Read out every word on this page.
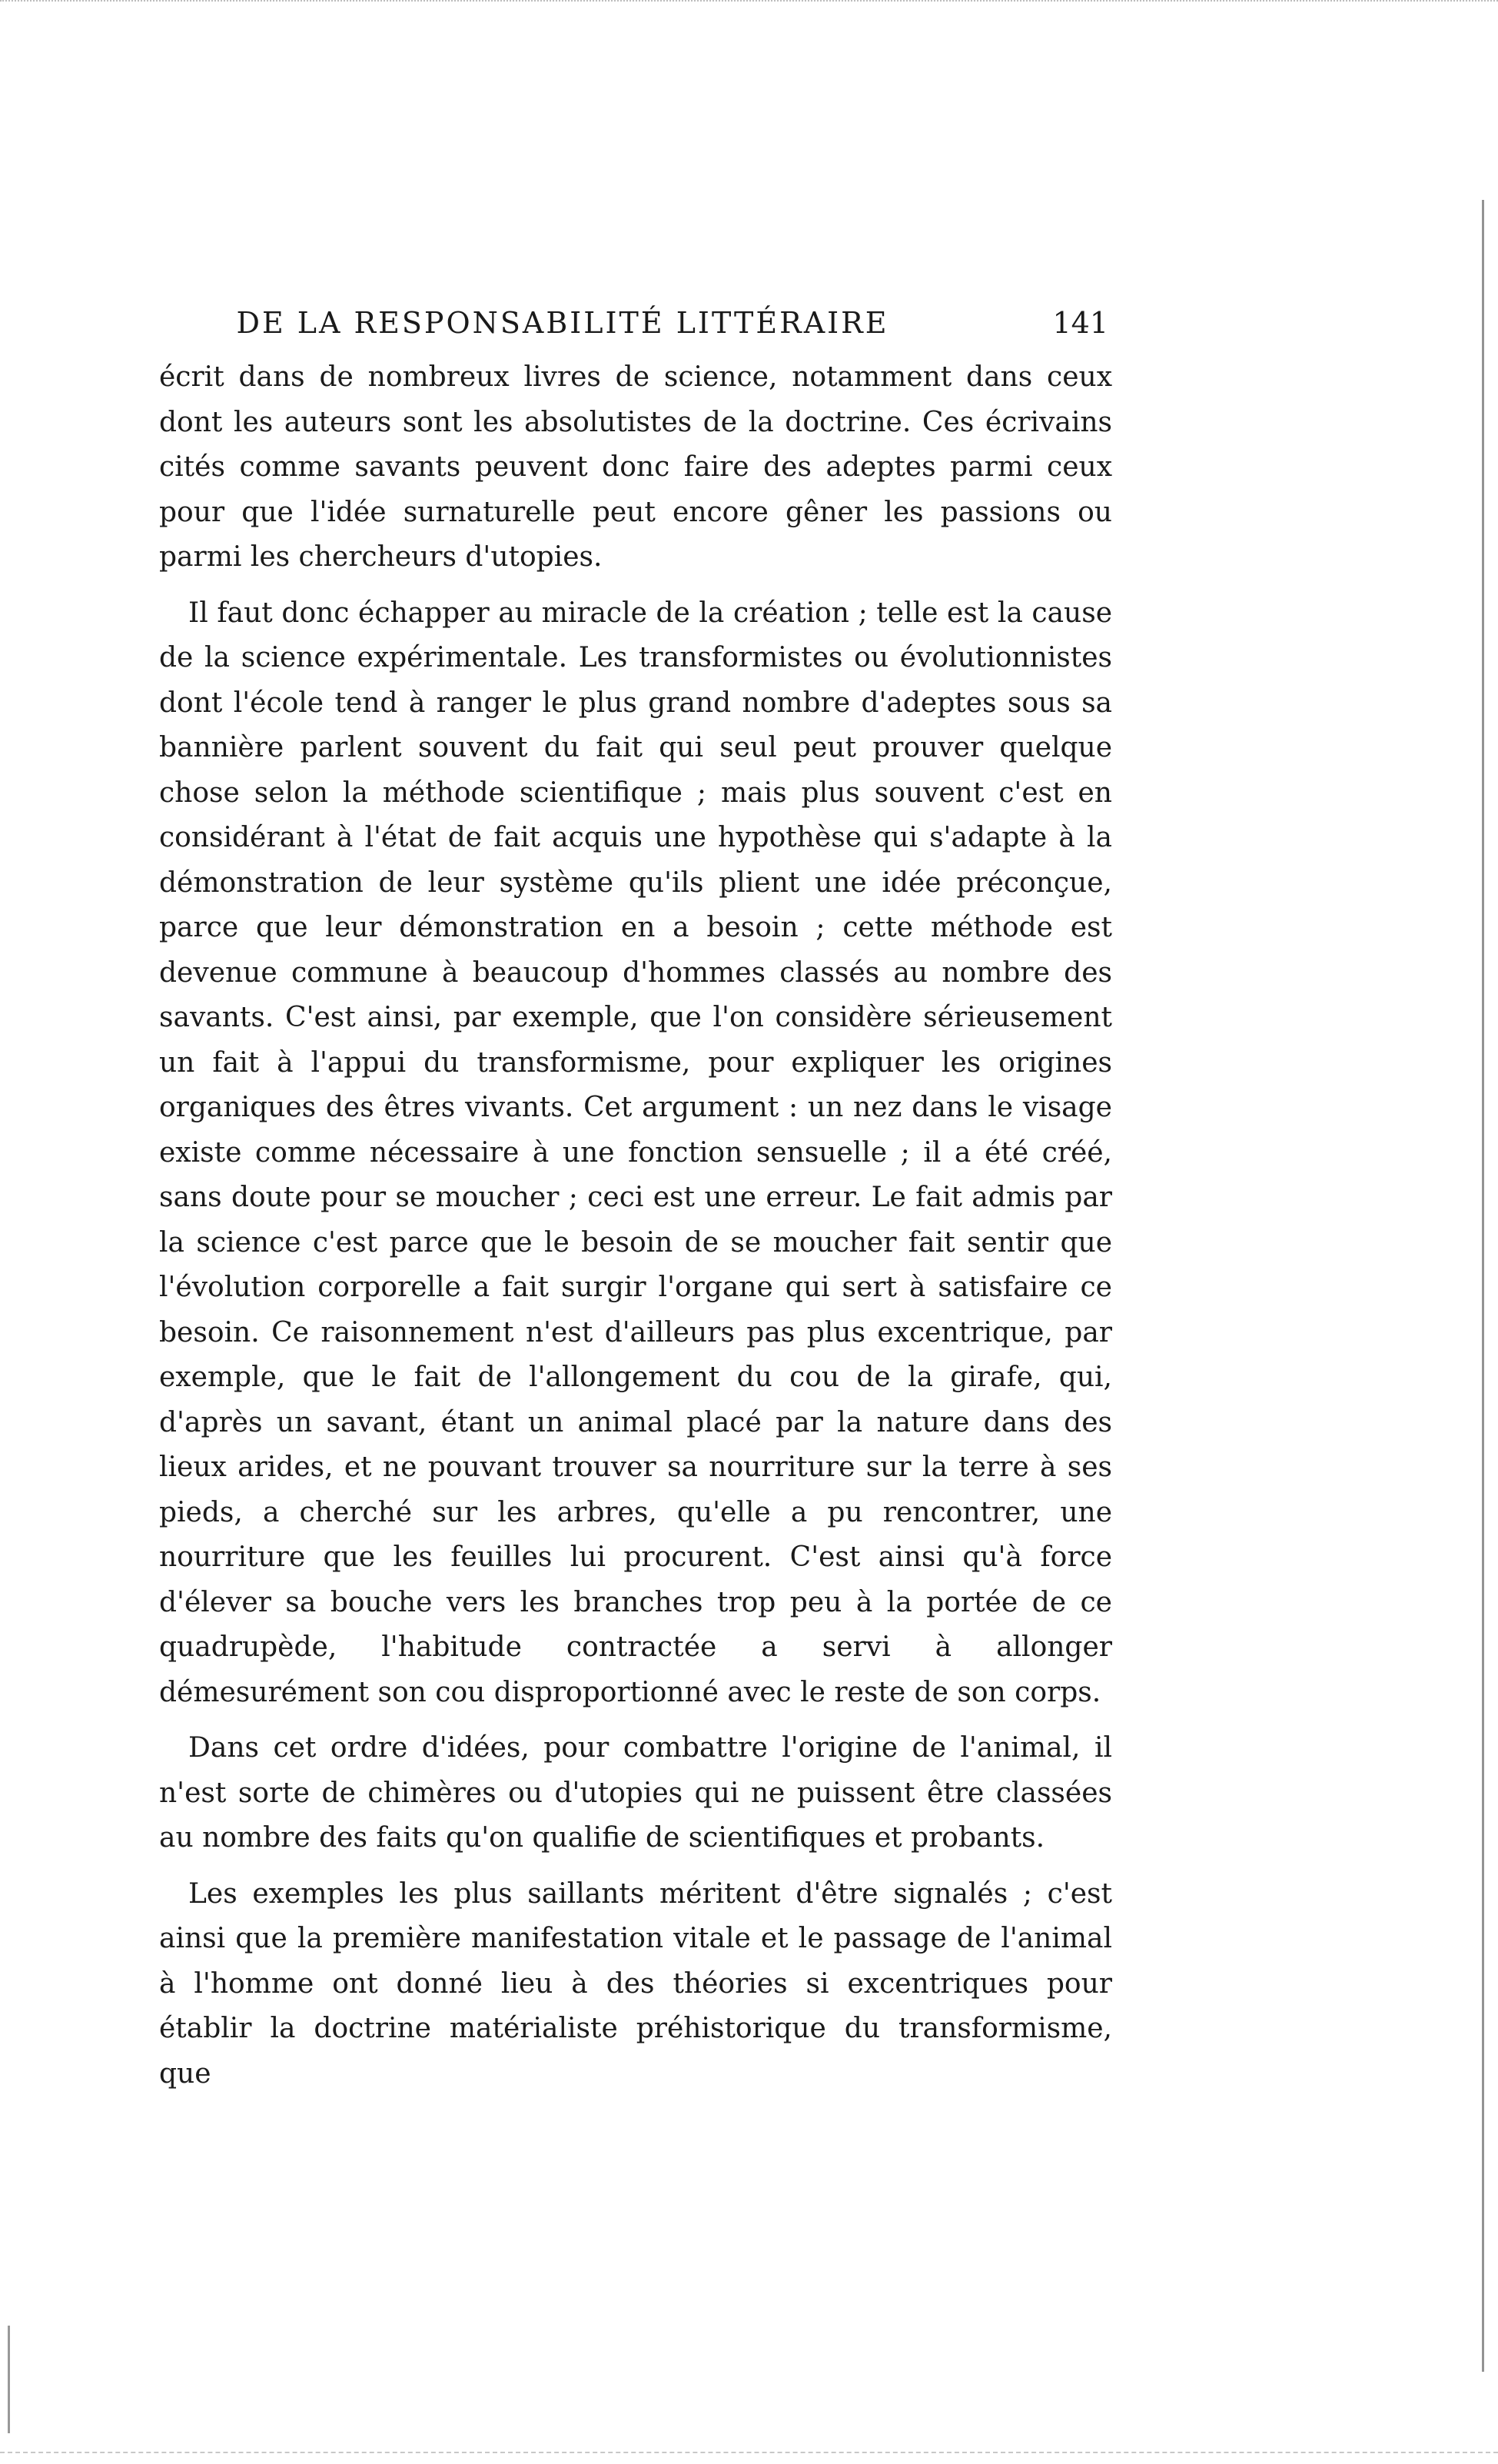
DE LA RESPONSABILITÉ LITTÉRAIRE	141

écrit dans de nombreux livres de science, notamment dans ceux dont les auteurs sont les absolutistes de la doctrine. Ces écrivains cités comme savants peuvent donc faire des adeptes parmi ceux pour que l'idée surnaturelle peut encore gêner les passions ou parmi les chercheurs d'utopies.

Il faut donc échapper au miracle de la création ; telle est la cause de la science expérimentale. Les transformistes ou évolutionnistes dont l'école tend à ranger le plus grand nombre d'adeptes sous sa bannière parlent souvent du fait qui seul peut prouver quelque chose selon la méthode scientifique ; mais plus souvent c'est en considérant à l'état de fait acquis une hypothèse qui s'adapte à la démonstration de leur système qu'ils plient une idée préconçue, parce que leur démonstration en a besoin ; cette méthode est devenue commune à beaucoup d'hommes classés au nombre des savants. C'est ainsi, par exemple, que l'on considère sérieusement un fait à l'appui du transformisme, pour expliquer les origines organiques des êtres vivants. Cet argument : un nez dans le visage existe comme nécessaire à une fonction sensuelle ; il a été créé, sans doute pour se moucher ; ceci est une erreur. Le fait admis par la science c'est parce que le besoin de se moucher fait sentir que l'évolution corporelle a fait surgir l'organe qui sert à satisfaire ce besoin. Ce raisonnement n'est d'ailleurs pas plus excentrique, par exemple, que le fait de l'allongement du cou de la girafe, qui, d'après un savant, étant un animal placé par la nature dans des lieux arides, et ne pouvant trouver sa nourriture sur la terre à ses pieds, a cherché sur les arbres, qu'elle a pu rencontrer, une nourriture que les feuilles lui procurent. C'est ainsi qu'à force d'élever sa bouche vers les branches trop peu à la portée de ce quadrupède, l'habitude contractée a servi à allonger démesurément son cou disproportionné avec le reste de son corps.

Dans cet ordre d'idées, pour combattre l'origine de l'animal, il n'est sorte de chimères ou d'utopies qui ne puissent être classées au nombre des faits qu'on qualifie de scientifiques et probants.

Les exemples les plus saillants méritent d'être signalés ; c'est ainsi que la première manifestation vitale et le passage de l'animal à l'homme ont donné lieu à des théories si excentriques pour établir la doctrine matérialiste préhistorique du transformisme, que
